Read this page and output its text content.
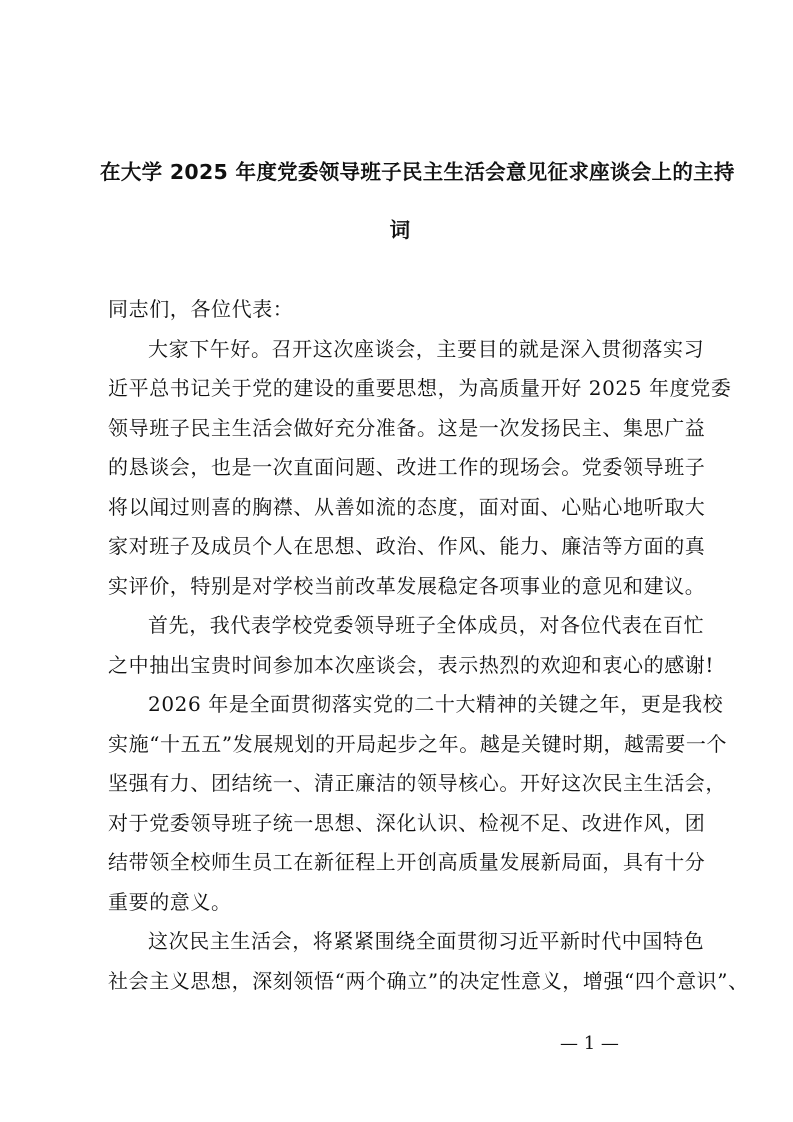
在大学 2025 年度党委领导班子民主生活会意见征求座谈会上的主持
词

同志们，各位代表：

大家下午好。召开这次座谈会，主要目的就是深入贯彻落实习
近平总书记关于党的建设的重要思想，为高质量开好 2025 年度党委
领导班子民主生活会做好充分准备。这是一次发扬民主、集思广益
的恳谈会，也是一次直面问题、改进工作的现场会。党委领导班子
将以闻过则喜的胸襟、从善如流的态度，面对面、心贴心地听取大
家对班子及成员个人在思想、政治、作风、能力、廉洁等方面的真
实评价，特别是对学校当前改革发展稳定各项事业的意见和建议。

首先，我代表学校党委领导班子全体成员，对各位代表在百忙
之中抽出宝贵时间参加本次座谈会，表示热烈的欢迎和衷心的感谢!

2026 年是全面贯彻落实党的二十大精神的关键之年，更是我校
实施“十五五”发展规划的开局起步之年。越是关键时期，越需要一个
坚强有力、团结统一、清正廉洁的领导核心。开好这次民主生活会，
对于党委领导班子统一思想、深化认识、检视不足、改进作风，团
结带领全校师生员工在新征程上开创高质量发展新局面，具有十分
重要的意义。

这次民主生活会，将紧紧围绕全面贯彻习近平新时代中国特色
社会主义思想，深刻领悟“两个确立”的决定性意义，增强“四个意识”、

— 1 —
